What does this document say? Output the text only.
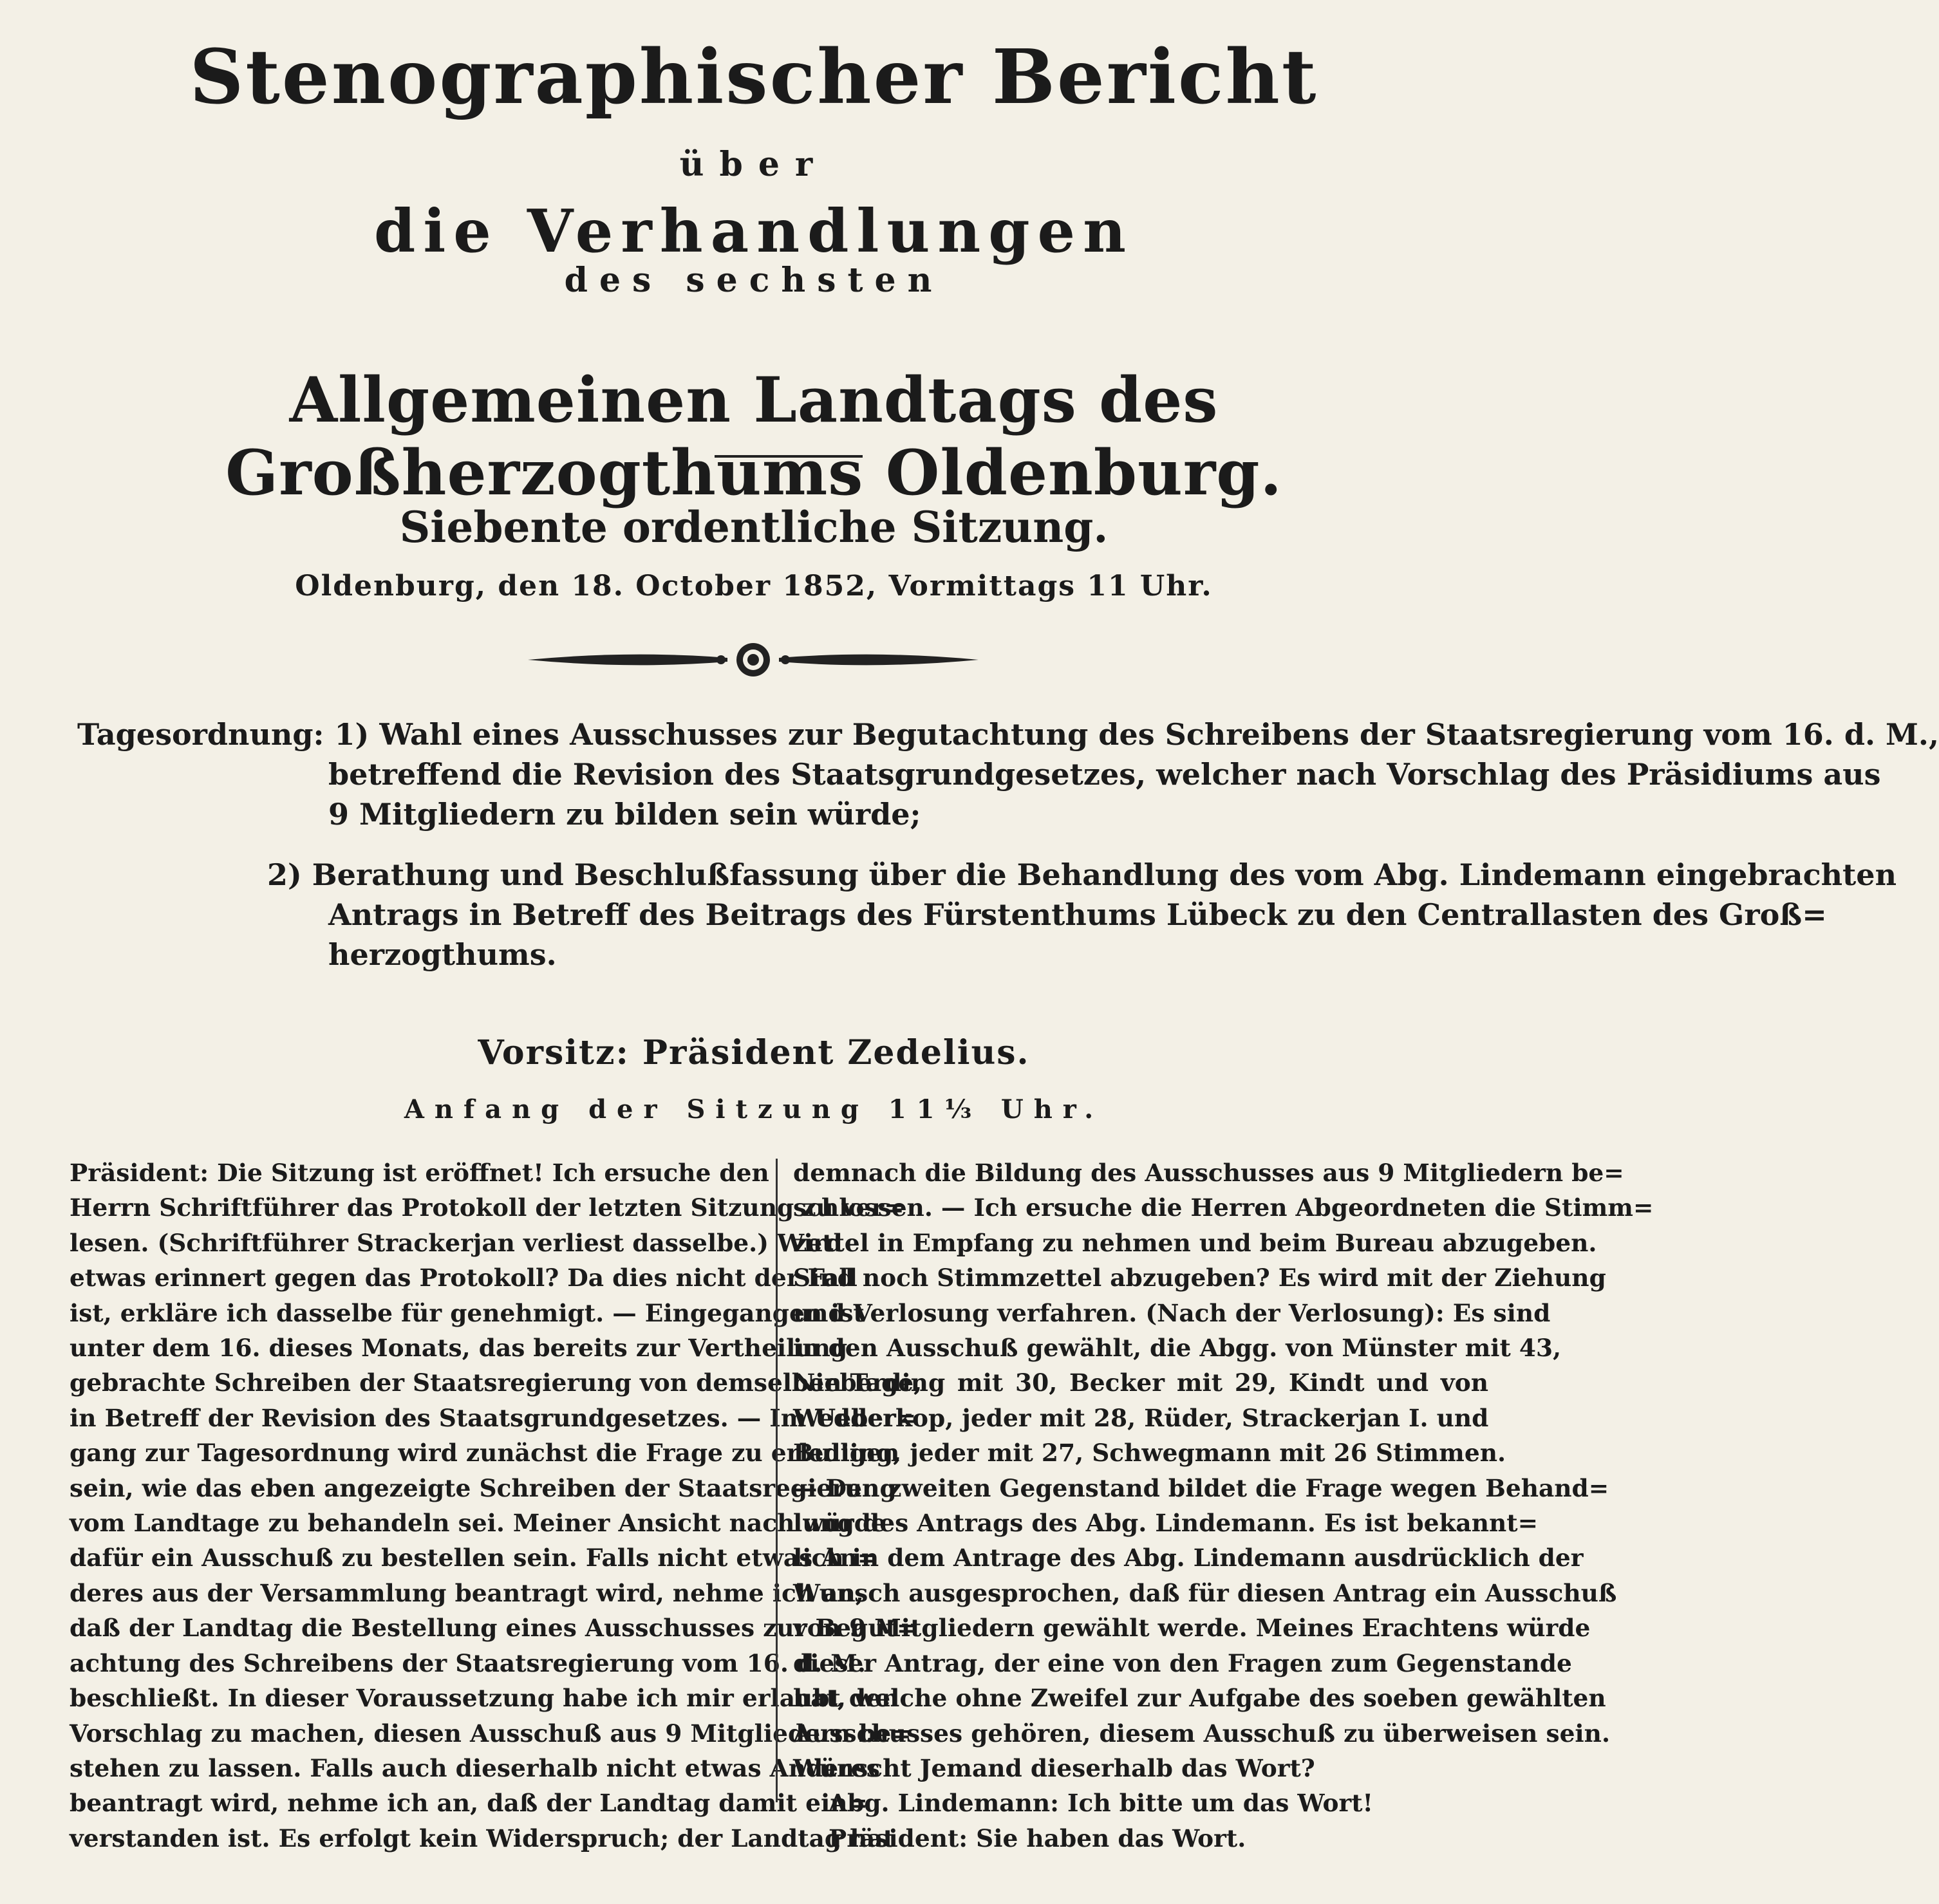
Stenographischer Bericht
über
die Verhandlungen
des sechsten
Allgemeinen Landtags des Großherzogthums Oldenburg.
Siebente ordentliche Sitzung.
Oldenburg, den 18. October 1852, Vormittags 11 Uhr.
Tagesordnung: 1) Wahl eines Ausschusses zur Begutachtung des Schreibens der Staatsregierung vom 16. d. M.,
betreffend die Revision des Staatsgrundgesetzes, welcher nach Vorschlag des Präsidiums aus
9 Mitgliedern zu bilden sein würde;
2) Berathung und Beschlußfassung über die Behandlung des vom Abg. Lindemann eingebrachten
Antrags in Betreff des Beitrags des Fürstenthums Lübeck zu den Centrallasten des Groß=
herzogthums.
Vorsitz: Präsident Zedelius.
Anfang der Sitzung 11⅓ Uhr.
Präsident: Die Sitzung ist eröffnet! Ich ersuche den
Herrn Schriftführer das Protokoll der letzten Sitzung zu ver=
lesen. (Schriftführer Strackerjan verliest dasselbe.) Wird
etwas erinnert gegen das Protokoll? Da dies nicht der Fall
ist, erkläre ich dasselbe für genehmigt. — Eingegangen ist
unter dem 16. dieses Monats, das bereits zur Vertheilung
gebrachte Schreiben der Staatsregierung von demselben Tage,
in Betreff der Revision des Staatsgrundgesetzes. — Im Ueber=
gang zur Tagesordnung wird zunächst die Frage zu erledigen
sein, wie das eben angezeigte Schreiben der Staatsregierung
vom Landtage zu behandeln sei. Meiner Ansicht nach würde
dafür ein Ausschuß zu bestellen sein. Falls nicht etwas An=
deres aus der Versammlung beantragt wird, nehme ich an,
daß der Landtag die Bestellung eines Ausschusses zur Begut=
achtung des Schreibens der Staatsregierung vom 16. d. M.
beschließt. In dieser Voraussetzung habe ich mir erlaubt den
Vorschlag zu machen, diesen Ausschuß aus 9 Mitgliedern be=
stehen zu lassen. Falls auch dieserhalb nicht etwas Anderes
beantragt wird, nehme ich an, daß der Landtag damit ein=
verstanden ist. Es erfolgt kein Widerspruch; der Landtag hat
demnach die Bildung des Ausschusses aus 9 Mitgliedern be=
schlossen. — Ich ersuche die Herren Abgeordneten die Stimm=
zettel in Empfang zu nehmen und beim Bureau abzugeben.
Sind noch Stimmzettel abzugeben? Es wird mit der Ziehung
und Verlosung verfahren. (Nach der Verlosung): Es sind
in den Ausschuß gewählt, die Abgg. von Münster mit 43,
Nieberding mit 30, Becker mit 29, Kindt und von
Wedderkop, jeder mit 28, Rüder, Strackerjan I. und
Bulling, jeder mit 27, Schwegmann mit 26 Stimmen.
— Den zweiten Gegenstand bildet die Frage wegen Behand=
lung des Antrags des Abg. Lindemann. Es ist bekannt=
lich in dem Antrage des Abg. Lindemann ausdrücklich der
Wunsch ausgesprochen, daß für diesen Antrag ein Ausschuß
von 9 Mitgliedern gewählt werde. Meines Erachtens würde
dieser Antrag, der eine von den Fragen zum Gegenstande
hat, welche ohne Zweifel zur Aufgabe des soeben gewählten
Ausschusses gehören, diesem Ausschuß zu überweisen sein.
Wünscht Jemand dieserhalb das Wort?
Abg. Lindemann: Ich bitte um das Wort!
Präsident: Sie haben das Wort.
